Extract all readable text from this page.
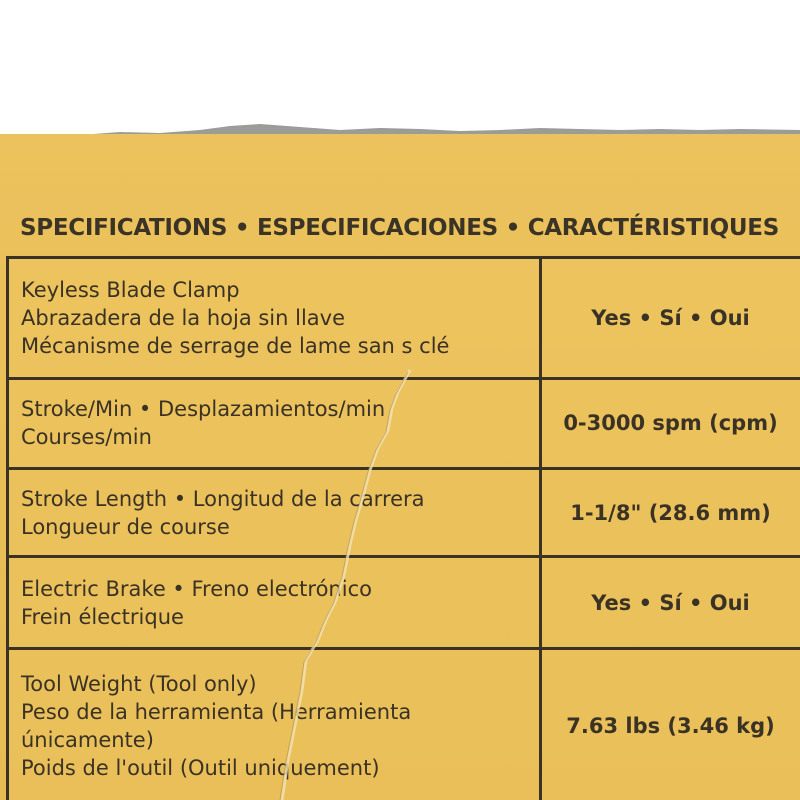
SPECIFICATIONS • ESPECIFICACIONES • CARACTÉRISTIQUES
Keyless Blade Clamp
Abrazadera de la hoja sin llave
Mécanisme de serrage de lame san s clé	Yes • Sí • Oui

Stroke/Min • Desplazamientos/min
Courses/min	0-3000 spm (cpm)

Stroke Length • Longitud de la carrera
Longueur de course	1-1/8" (28.6 mm)

Electric Brake • Freno electrónico
Frein électrique	Yes • Sí • Oui

Tool Weight (Tool only)
Peso de la herramienta (Herramienta
únicamente)
Poids de l'outil (Outil uniquement)	7.63 lbs (3.46 kg)
